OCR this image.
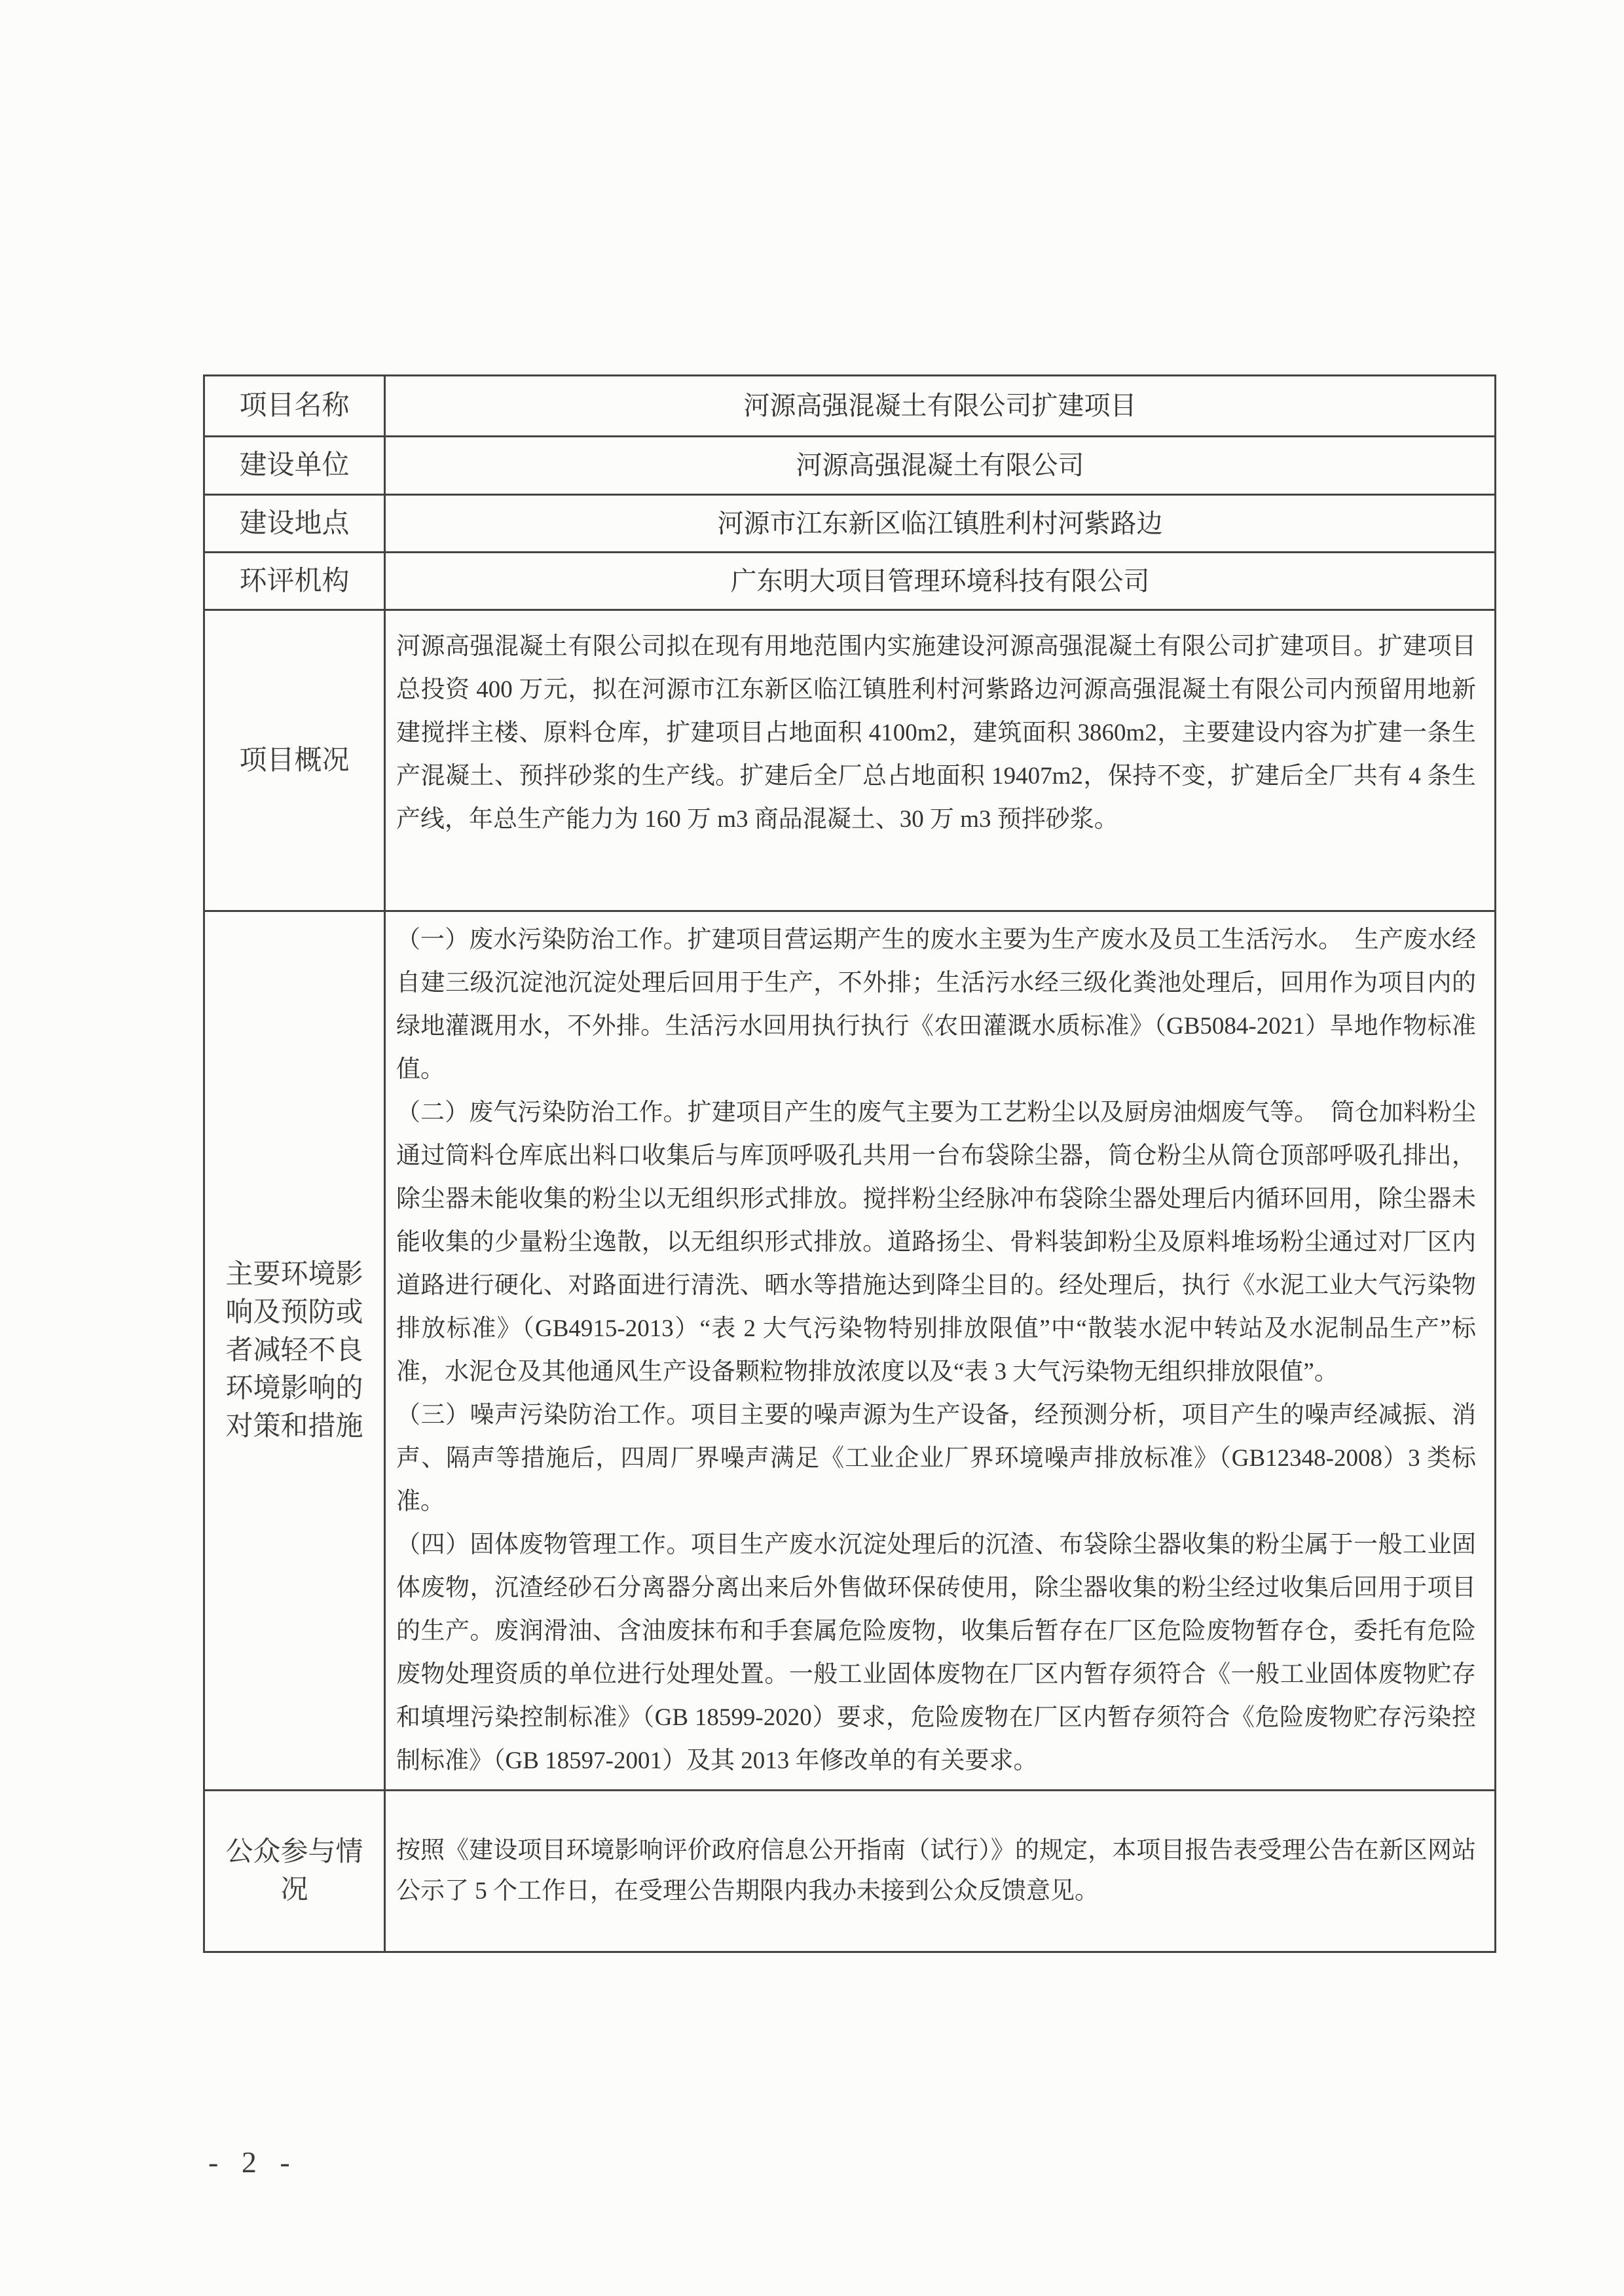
项目名称	河源高强混凝土有限公司扩建项目
建设单位	河源高强混凝土有限公司
建设地点	河源市江东新区临江镇胜利村河紫路边
环评机构	广东明大项目管理环境科技有限公司
项目概况	河源高强混凝土有限公司拟在现有用地范围内实施建设河源高强混凝土有限公司扩建项目。扩建项目总投资 400 万元，拟在河源市江东新区临江镇胜利村河紫路边河源高强混凝土有限公司内预留用地新建搅拌主楼、原料仓库，扩建项目占地面积 4100m2，建筑面积 3860m2，主要建设内容为扩建一条生产混凝土、预拌砂浆的生产线。扩建后全厂总占地面积 19407m2，保持不变，扩建后全厂共有 4 条生产线，年总生产能力为 160 万 m3 商品混凝土、30 万 m3 预拌砂浆。
主要环境影响及预防或者减轻不良环境影响的对策和措施	（一）废水污染防治工作。扩建项目营运期产生的废水主要为生产废水及员工生活污水。　生产废水经自建三级沉淀池沉淀处理后回用于生产，不外排；生活污水经三级化粪池处理后，回用作为项目内的绿地灌溉用水，不外排。生活污水回用执行执行《农田灌溉水质标准》（GB5084-2021）旱地作物标准值。

（二）废气污染防治工作。扩建项目产生的废气主要为工艺粉尘以及厨房油烟废气等。　筒仓加料粉尘通过筒料仓库底出料口收集后与库顶呼吸孔共用一台布袋除尘器，筒仓粉尘从筒仓顶部呼吸孔排出，除尘器未能收集的粉尘以无组织形式排放。搅拌粉尘经脉冲布袋除尘器处理后内循环回用，除尘器未能收集的少量粉尘逸散，以无组织形式排放。道路扬尘、骨料装卸粉尘及原料堆场粉尘通过对厂区内道路进行硬化、对路面进行清洗、晒水等措施达到降尘目的。经处理后，执行《水泥工业大气污染物排放标准》（GB4915-2013）“表 2 大气污染物特别排放限值”中“散装水泥中转站及水泥制品生产”标准，水泥仓及其他通风生产设备颗粒物排放浓度以及“表 3 大气污染物无组织排放限值”。

（三）噪声污染防治工作。项目主要的噪声源为生产设备，经预测分析，项目产生的噪声经减振、消声、隔声等措施后，四周厂界噪声满足《工业企业厂界环境噪声排放标准》（GB12348-2008）3 类标准。

（四）固体废物管理工作。项目生产废水沉淀处理后的沉渣、布袋除尘器收集的粉尘属于一般工业固体废物，沉渣经砂石分离器分离出来后外售做环保砖使用，除尘器收集的粉尘经过收集后回用于项目的生产。废润滑油、含油废抹布和手套属危险废物，收集后暂存在厂区危险废物暂存仓，委托有危险废物处理资质的单位进行处理处置。一般工业固体废物在厂区内暂存须符合《一般工业固体废物贮存和填埋污染控制标准》（GB 18599-2020）要求，危险废物在厂区内暂存须符合《危险废物贮存污染控制标准》（GB 18597-2001）及其 2013 年修改单的有关要求。

公众参与情况	按照《建设项目环境影响评价政府信息公开指南（试行）》的规定，本项目报告表受理公告在新区网站公示了 5 个工作日，在受理公告期限内我办未接到公众反馈意见。
- 2 -
